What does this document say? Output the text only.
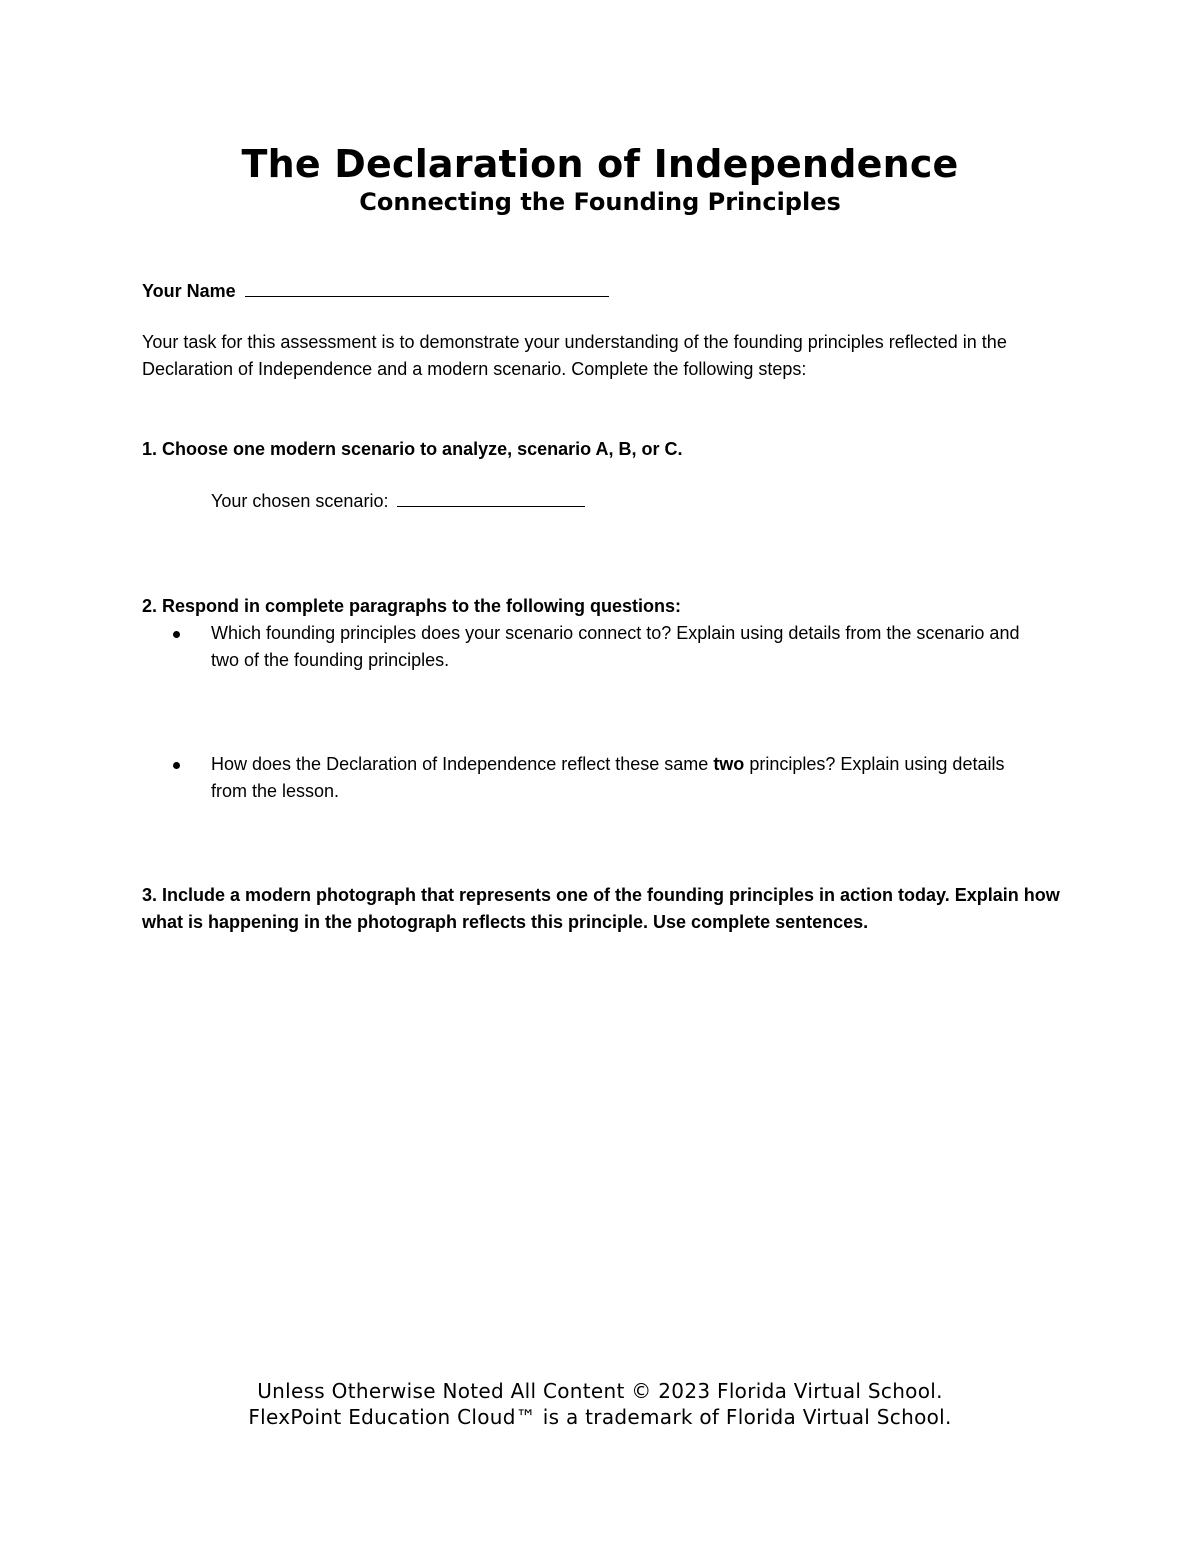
The Declaration of Independence
Connecting the Founding Principles
Your Name
Your task for this assessment is to demonstrate your understanding of the founding principles reflected in the Declaration of Independence and a modern scenario. Complete the following steps:
1. Choose one modern scenario to analyze, scenario A, B, or C.
Your chosen scenario:
2. Respond in complete paragraphs to the following questions:
Which founding principles does your scenario connect to? Explain using details from the scenario and two of the founding principles.
How does the Declaration of Independence reflect these same two principles? Explain using details from the lesson.
3. Include a modern photograph that represents one of the founding principles in action today. Explain how what is happening in the photograph reflects this principle. Use complete sentences.
Unless Otherwise Noted All Content © 2023 Florida Virtual School.
FlexPoint Education Cloud™ is a trademark of Florida Virtual School.
